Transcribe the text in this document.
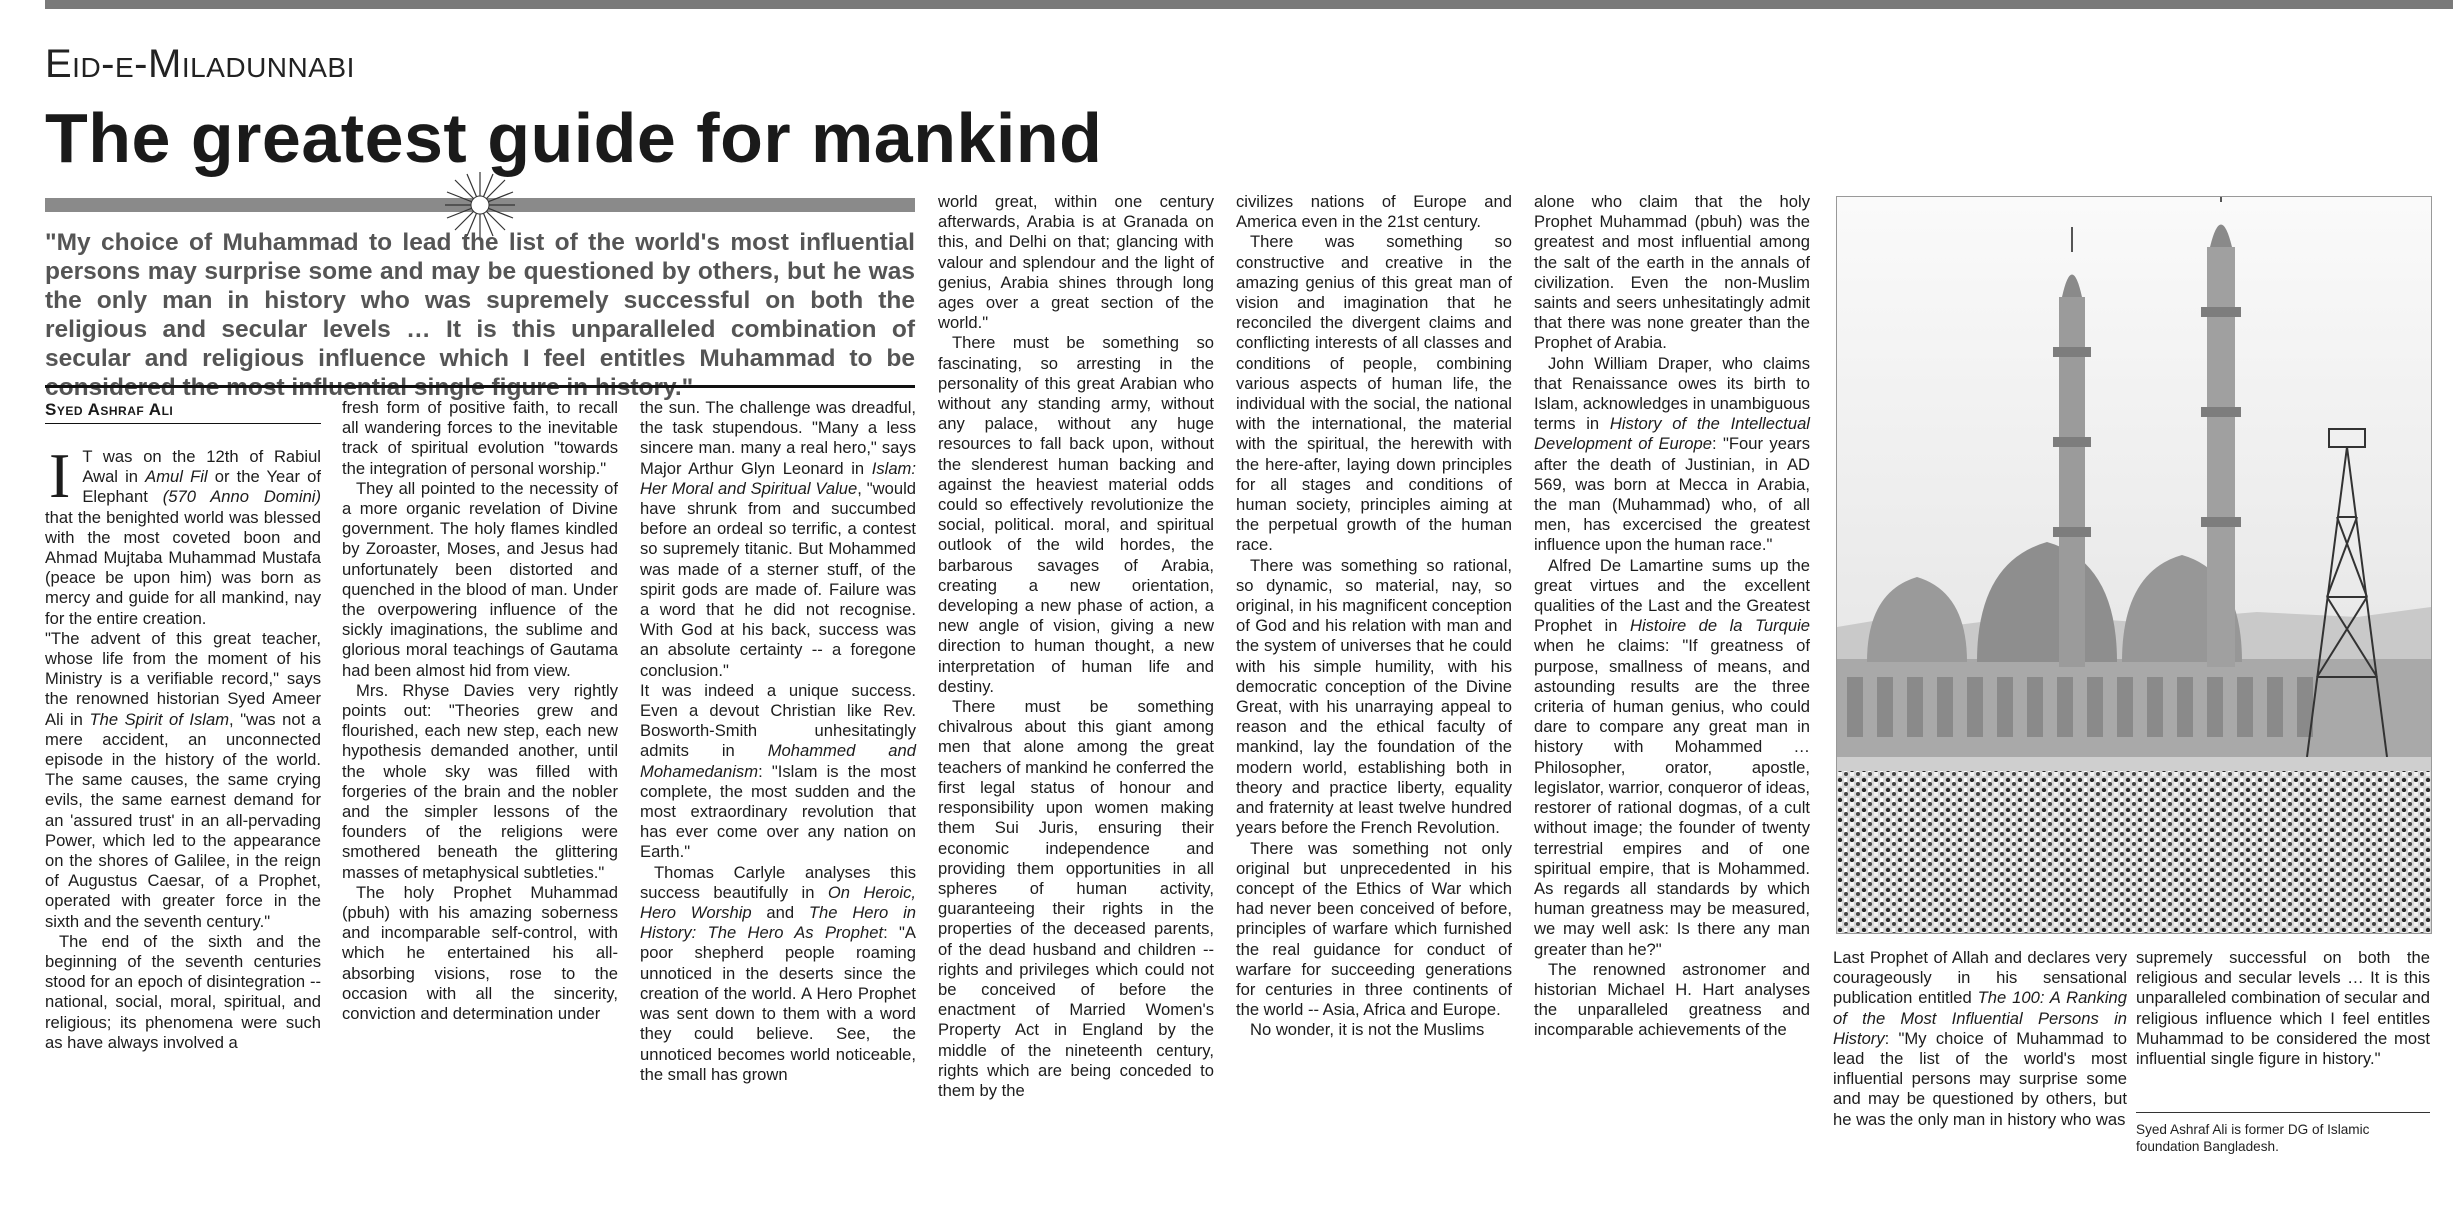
Eid-e-Miladunnabi
The greatest guide for mankind
"My choice of Muhammad to lead the list of the world's most influential persons may surprise some and may be questioned by others, but he was the only man in history who was supremely successful on both the religious and secular levels … It is this unparalleled combination of secular and religious influence which I feel entitles Muhammad to be
Syed Ashraf Ali

I T was on the 12th of Rabiul Awal in Amul Fil or the Year of Elephant (570 Anno Domini) that the benighted world was blessed with the most coveted boon and Ahmad Mujtaba Muhammad Mustafa (peace be upon him) was born as mercy and guide for all mankind, nay for the entire creation.

"The advent of this great teacher, whose life from the moment of his Ministry is a verifiable record," says the renowned historian Syed Ameer Ali in The Spirit of Islam, "was not a mere accident, an unconnected episode in the history of the world. The same causes, the same crying evils, the same earnest demand for an 'assured trust' in an all-pervading Power, which led to the appearance on the shores of Galilee, in the reign of Augustus Caesar, of a Prophet, operated with greater force in the sixth and the seventh century."

The end of the sixth and the beginning of the seventh centuries stood for an epoch of disintegration -- national, social, moral, spiritual, and religious; its phenomena were such as have always involved a

fresh form of positive faith, to recall all wandering forces to the inevitable track of spiritual evolution "towards the integration of personal worship."

They all pointed to the necessity of a more organic revelation of Divine government. The holy flames kindled by Zoroaster, Moses, and Jesus had unfortunately been distorted and quenched in the blood of man. Under the overpowering influence of the sickly imaginations, the sublime and glorious moral teachings of Gautama had been almost hid from view.

Mrs. Rhyse Davies very rightly points out: "Theories grew and flourished, each new step, each new hypothesis demanded another, until the whole sky was filled with forgeries of the brain and the nobler and the simpler lessons of the founders of the religions were smothered beneath the glittering masses of metaphysical subtleties."

The holy Prophet Muhammad (pbuh) with his amazing soberness and incomparable self-control, with which he entertained his all-absorbing visions, rose to the occasion with all the sincerity, conviction and determination under

the sun. The challenge was dreadful, the task stupendous. "Many a less sincere man. many a real hero," says Major Arthur Glyn Leonard in Islam: Her Moral and Spiritual Value, "would have shrunk from and succumbed before an ordeal so terrific, a contest so supremely titanic. But Mohammed was made of a sterner stuff, of the spirit gods are made of. Failure was a word that he did not recognise. With God at his back, success was an absolute certainty -- a foregone conclusion."

It was indeed a unique success. Even a devout Christian like Rev. Bosworth-Smith unhesitatingly admits in Mohammed and Mohamedanism: "Islam is the most complete, the most sudden and the most extraordinary revolution that has ever come over any nation on Earth."

Thomas Carlyle analyses this success beautifully in On Heroic, Hero Worship and The Hero in History: The Hero As Prophet: "A poor shepherd people roaming unnoticed in the deserts since the creation of the world. A Hero Prophet was sent down to them with a word they could believe. See, the unnoticed becomes world noticeable, the small has grown

world great, within one century afterwards, Arabia is at Granada on this, and Delhi on that; glancing with valour and splendour and the light of genius, Arabia shines through long ages over a great section of the world."

There must be something so fascinating, so arresting in the personality of this great Arabian who without any standing army, without any palace, without any huge resources to fall back upon, without the slenderest human backing and against the heaviest material odds could so effectively revolutionize the social, political. moral, and spiritual outlook of the wild hordes, the barbarous savages of Arabia, creating a new orientation, developing a new phase of action, a new angle of vision, giving a new direction to human thought, a new interpretation of human life and destiny.

There must be something chivalrous about this giant among men that alone among the great teachers of mankind he conferred the first legal status of honour and responsibility upon women making them Sui Juris, ensuring their economic independence and providing them opportunities in all spheres of human activity, guaranteeing their rights in the properties of the deceased parents, of the dead husband and children -- rights and privileges which could not be conceived of before the enactment of Married Women's Property Act in England by the middle of the nineteenth century, rights which are being conceded to them by the

civilizes nations of Europe and America even in the 21st century.

There was something so constructive and creative in the amazing genius of this great man of vision and imagination that he reconciled the divergent claims and conflicting interests of all classes and conditions of people, combining various aspects of human life, the individual with the social, the national with the international, the material with the spiritual, the herewith with the here-after, laying down principles for all stages and conditions of human society, principles aiming at the perpetual growth of the human race.

There was something so rational, so dynamic, so material, nay, so original, in his magnificent conception of God and his relation with man and the system of universes that he could with his simple humility, with his democratic conception of the Divine Great, with his unarraying appeal to reason and the ethical faculty of mankind, lay the foundation of the modern world, establishing both in theory and practice liberty, equality and fraternity at least twelve hundred years before the French Revolution.

There was something not only original but unprecedented in his concept of the Ethics of War which had never been conceived of before, principles of warfare which furnished the real guidance for conduct of warfare for succeeding generations for centuries in three continents of the world -- Asia, Africa and Europe.

No wonder, it is not the Muslims

alone who claim that the holy Prophet Muhammad (pbuh) was the greatest and most influential among the salt of the earth in the annals of civilization. Even the non-Muslim saints and seers unhesitatingly admit that there was none greater than the Prophet of Arabia.

John William Draper, who claims that Renaissance owes its birth to Islam, acknowledges in unambiguous terms in History of the Intellectual Development of Europe: "Four years after the death of Justinian, in AD 569, was born at Mecca in Arabia, the man (Muhammad) who, of all men, has excercised the greatest influence upon the human race."

Alfred De Lamartine sums up the great virtues and the excellent qualities of the Last and the Greatest Prophet in Histoire de la Turquie when he claims: "If greatness of purpose, smallness of means, and astounding results are the three criteria of human genius, who could dare to compare any great man in history with Mohammed … Philosopher, orator, apostle, legislator, warrior, conqueror of ideas, restorer of rational dogmas, of a cult without image; the founder of twenty terrestrial empires and of one spiritual empire, that is Mohammed. As regards all standards by which human greatness may be measured, we may well ask: Is there any man greater than he?"

The renowned astronomer and historian Michael H. Hart analyses the unparalleled greatness and incomparable achievements of the

Last Prophet of Allah and declares very courageously in his sensational publication entitled The 100: A Ranking of the Most Influential Persons in History: "My choice of Muhammad to lead the list of the world's most influential persons may surprise some and may be questioned by others, but he was the only man in history who was

supremely successful on both the religious and secular levels … It is this unparalleled combination of secular and religious influence which I feel entitles Muhammad to be considered the most influential single figure in history."

Syed Ashraf Ali is former DG of Islamic foundation Bangladesh.
